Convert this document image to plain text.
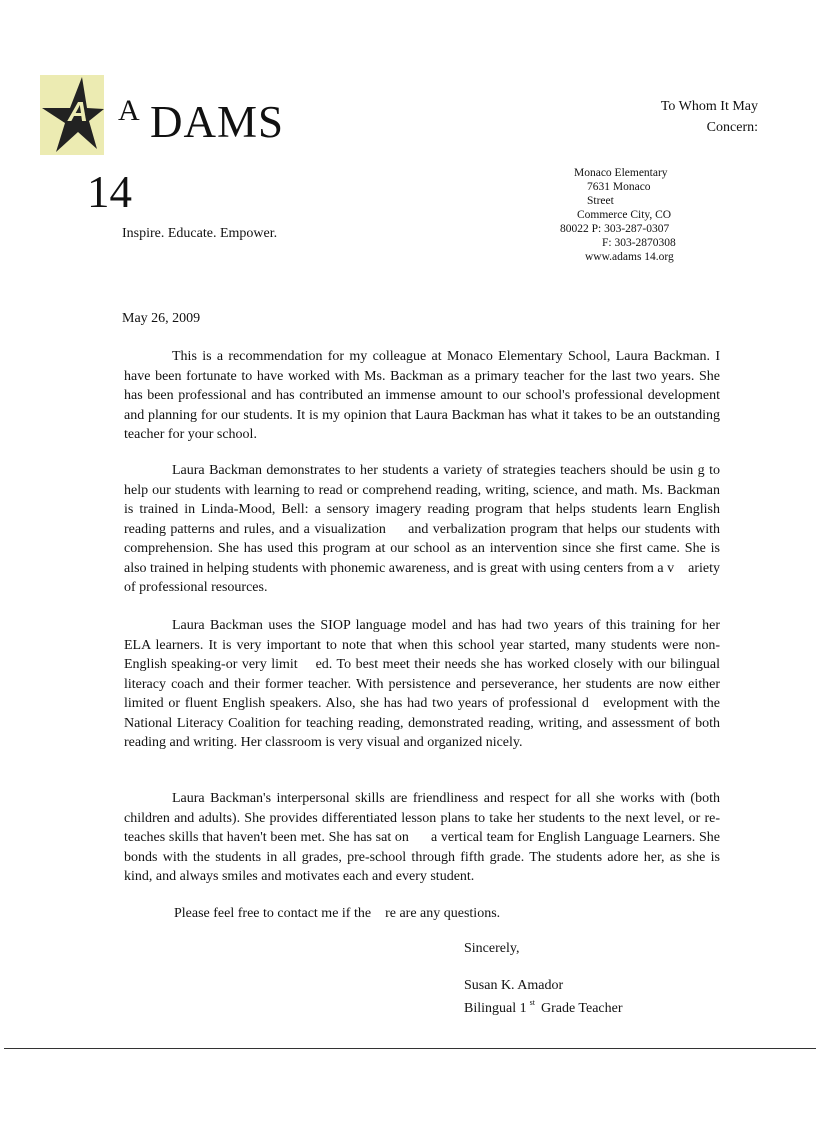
A A DAMS
14
Inspire. Educate. Empower.
To Whom It May
Concern:
Monaco Elementary
7631 Monaco
Street
Commerce City, CO
80022 P: 303-287-0307
F: 303-2870308
www.adams 14.org
May 26, 2009

This is a recommendation for my colleague at Monaco Elementary School, Laura Backman. I have been fortunate to have worked with Ms. Backman as a primary teacher for the last two years. She has been professional and has contributed an immense amount to our school's professional development and planning for our students. It is my opinion that Laura Backman has what it takes to be an outstanding teacher for your school.

Laura Backman demonstrates to her students a variety of strategies teachers should be usin g to help our students with learning to read or comprehend reading, writing, science, and math. Ms. Backman is trained in Linda-Mood, Bell: a sensory imagery reading program that helps students learn English reading patterns and rules, and a visualization     and verbalization program that helps our students with comprehension. She has used this program at our school as an intervention since she first came. She is also trained in helping students with phonemic awareness, and is great with using centers from a v    ariety of professional resources.

Laura Backman uses the SIOP language model and has had two years of this training for her ELA learners. It is very important to note that when this school year started, many students were non-English speaking-or very limit    ed. To best meet their needs she has worked closely with our bilingual literacy coach and their former teacher. With persistence and perseverance, her students are now either limited or fluent English speakers. Also, she has had two years of professional d   evelopment with the National Literacy Coalition for teaching reading, demonstrated reading, writing, and assessment of both reading and writing. Her classroom is very visual and organized nicely.

Laura Backman's interpersonal skills are friendliness and respect for all she works with (both children and adults). She provides differentiated lesson plans to take her students to the next level, or re-teaches skills that haven't been met. She has sat on      a vertical team for English Language Learners. She bonds with the students in all grades, pre-school through fifth grade. The students adore her, as she is kind, and always smiles and motivates each and every student.

Please feel free to contact me if the    re are any questions.
Sincerely,
Susan K. Amador
Bilingual 1 $^{st}$ Grade Teacher
